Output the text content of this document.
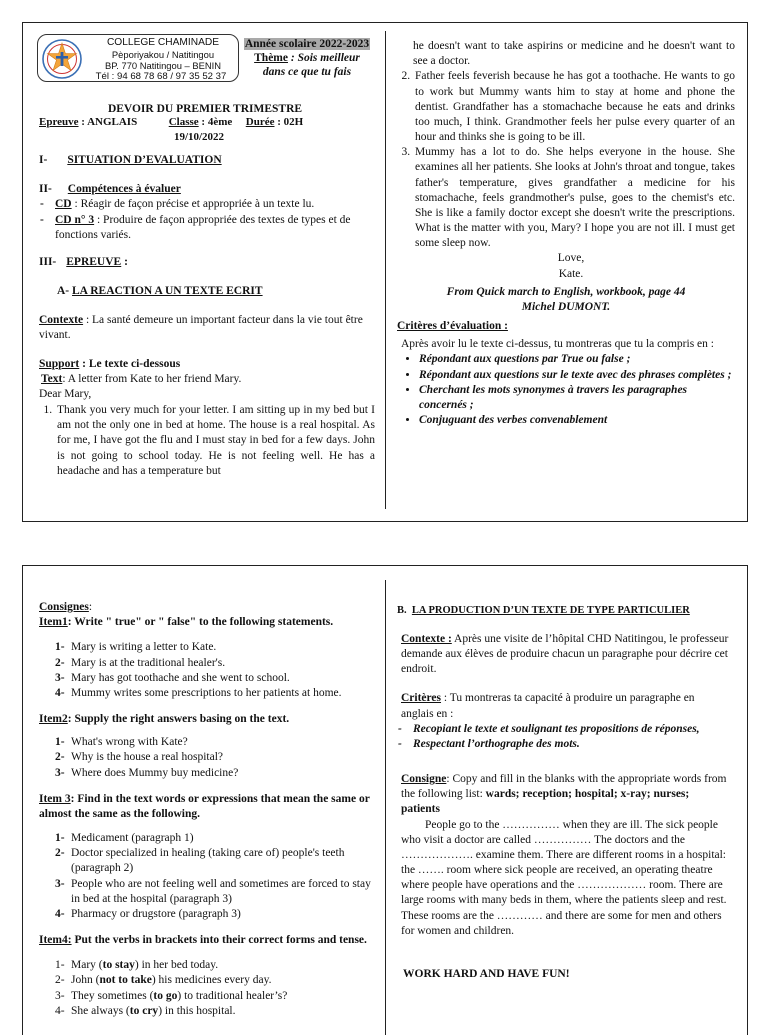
COLLEGE CHAMINADE
Pèporiyakou / Natitingou
BP. 770 Natitingou – BENIN
Tél : 94 68 78 68 / 97 35 52 37
Année scolaire 2022-2023
Thème : Sois meilleur dans ce que tu fais
DEVOIR DU PREMIER TRIMESTRE
Epreuve : ANGLAIS	Classe : 4ème Durée : 02H
19/10/2022

I- SITUATION D’EVALUATION

II- Compétences à évaluer

- CD : Réagir de façon précise et appropriée à un texte lu.
- CD n° 3 : Produire de façon appropriée des textes de types et de fonctions variés.

III- EPREUVE :

A- LA REACTION A UN TEXTE ECRIT

Contexte : La santé demeure un important facteur dans la vie tout être vivant.

Support : Le texte ci-dessous

Text: A letter from Kate to her friend Mary.

Dear Mary,

1. Thank you very much for your letter. I am sitting up in my bed but I am not the only one in bed at home. The house is a real hospital. As for me, I have got the flu and I must stay in bed for a few days. John is not going to school today. He is not feeling well. He has a headache and has a temperature but

he doesn't want to take aspirins or medicine and he doesn't want to see a doctor.

2. Father feels feverish because he has got a toothache. He wants to go to work but Mummy wants him to stay at home and phone the dentist. Grandfather has a stomachache because he eats and drinks too much, I think. Grandmother feels her pulse every quarter of an hour and thinks she is going to be ill.
3. Mummy has a lot to do. She helps everyone in the house. She examines all her patients. She looks at John's throat and tongue, takes father's temperature, gives grandfather a medicine for his stomachache, feels grandmother's pulse, goes to the chemist's etc. She is like a family doctor except she doesn't write the prescriptions. What is the matter with you, Mary? I hope you are not ill. I must get some sleep now.

Love,

Kate.

From Quick march to English, workbook, page 44

Michel DUMONT.

Critères d’évaluation :

Après avoir lu le texte ci-dessus, tu montreras que tu la compris en :

• Répondant aux questions par True ou false ;
• Répondant aux questions sur le texte avec des phrases complètes ;
• Cherchant les mots synonymes à travers les paragraphes concernés ;
• Conjuguant des verbes convenablement

Consignes:

Item1: Write " true" or " false" to the following statements.

1- Mary is writing a letter to Kate.
2- Mary is at the traditional healer's.
3- Mary has got toothache and she went to school.
4- Mummy writes some prescriptions to her patients at home.

Item2: Supply the right answers basing on the text.

1- What's wrong with Kate?
2- Why is the house a real hospital?
3- Where does Mummy buy medicine?

Item 3: Find in the text words or expressions that mean the same or almost the same as the following.

1- Medicament (paragraph 1)
2- Doctor specialized in healing (taking care of) people's teeth (paragraph 2)
3- People who are not feeling well and sometimes are forced to stay in bed at the hospital (paragraph 3)
4- Pharmacy or drugstore (paragraph 3)

Item4: Put the verbs in brackets into their correct forms and tense.

1- Mary (to stay) in her bed today.
2- John (not to take) his medicines every day.
3- They sometimes (to go) to traditional healer’s?
4- She always (to cry) in this hospital.

B. LA PRODUCTION D’UN TEXTE DE TYPE PARTICULIER

Contexte : Après une visite de l’hôpital CHD Natitingou, le professeur demande aux élèves de produire chacun un paragraphe pour décrire cet endroit.

Critères : Tu montreras ta capacité à produire un paragraphe en anglais en :

- Recopiant le texte et soulignant tes propositions de réponses,
- Respectant l’orthographe des mots.

Consigne: Copy and fill in the blanks with the appropriate words from the following list: wards; reception; hospital; x-ray; nurses; patients

People go to the …………… when they are ill. The sick people who visit a doctor are called …………… The doctors and the ………………. examine them. There are different rooms in a hospital: the ……. room where sick people are received, an operating theatre where people have operations and the ……………… room. There are large rooms with many beds in them, where the patients sleep and rest. These rooms are the ………… and there are some for men and others for women and children.

WORK HARD AND HAVE FUN!
